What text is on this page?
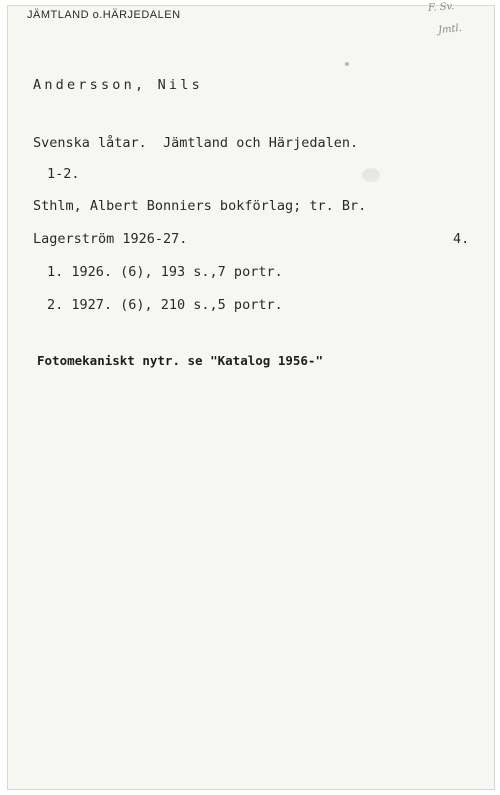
JÄMTLAND o.HÄRJEDALEN
F. Sv.
Jmtl.
Andersson, Nils
Svenska låtar.  Jämtland och Härjedalen.
1-2.
Sthlm, Albert Bonniers bokförlag; tr. Br.
Lagerström 1926-27.	4.
1. 1926. (6), 193 s.,7 portr.
2. 1927. (6), 210 s.,5 portr.
Fotomekaniskt nytr. se "Katalog 1956-"
